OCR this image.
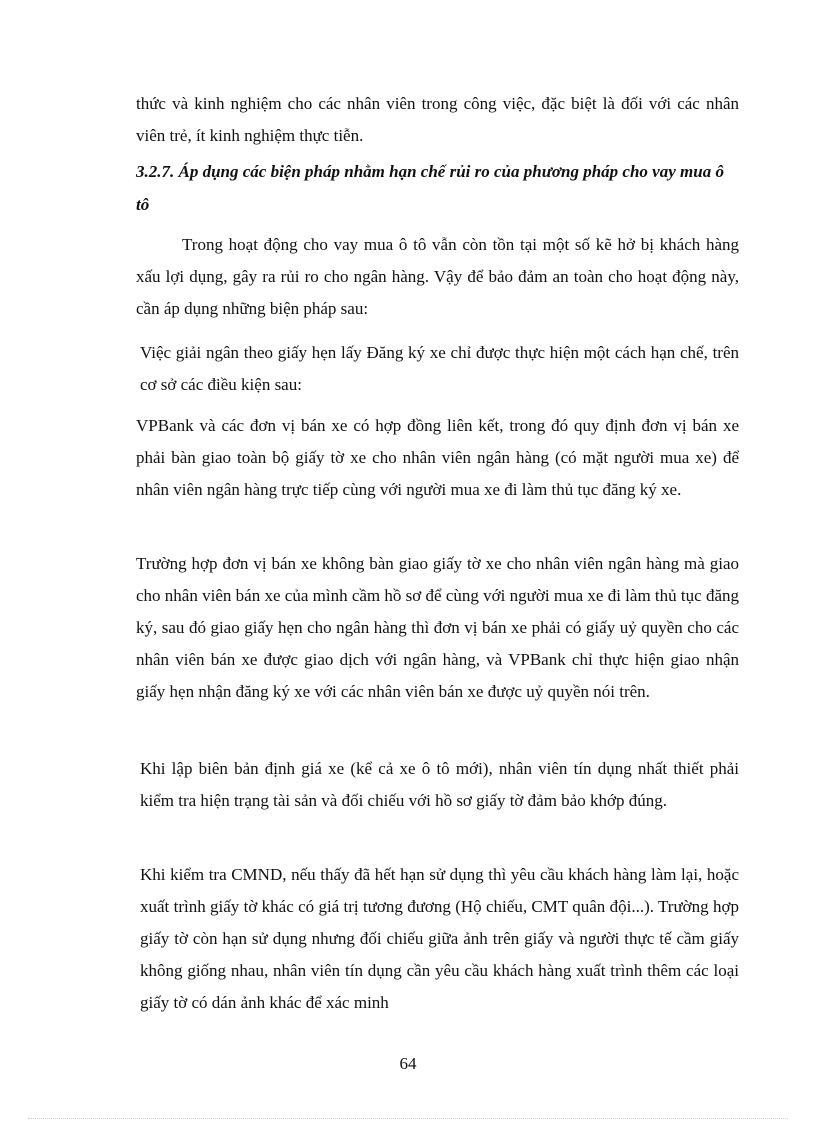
thức và kinh nghiệm cho các nhân viên trong công việc, đặc biệt là đối với các nhân viên trẻ, ít kinh nghiệm thực tiễn.

3.2.7. Áp dụng các biện pháp nhằm hạn chế rủi ro của phương pháp cho vay mua ô tô

Trong hoạt động cho vay mua ô tô vẫn còn tồn tại một số kẽ hở bị khách hàng xấu lợi dụng, gây ra rủi ro cho ngân hàng. Vậy để bảo đảm an toàn cho hoạt động này, cần áp dụng những biện pháp sau:

Việc giải ngân theo giấy hẹn lấy Đăng ký xe chỉ được thực hiện một cách hạn chế, trên cơ sở các điều kiện sau:

VPBank và các đơn vị bán xe có hợp đồng liên kết, trong đó quy định đơn vị bán xe phải bàn giao toàn bộ giấy tờ xe cho nhân viên ngân hàng (có mặt người mua xe) để nhân viên ngân hàng trực tiếp cùng với người mua xe đi làm thủ tục đăng ký xe.

Trường hợp đơn vị bán xe không bàn giao giấy tờ xe cho nhân viên ngân hàng mà giao cho nhân viên bán xe của mình cầm hồ sơ để cùng với người mua xe đi làm thủ tục đăng ký, sau đó giao giấy hẹn cho ngân hàng thì đơn vị bán xe phải có giấy uỷ quyền cho các nhân viên bán xe được giao dịch với ngân hàng, và VPBank chỉ thực hiện giao nhận giấy hẹn nhận đăng ký xe với các nhân viên bán xe được uỷ quyền nói trên.

Khi lập biên bản định giá xe (kể cả xe ô tô mới), nhân viên tín dụng nhất thiết phải kiểm tra hiện trạng tài sản và đối chiếu với hồ sơ giấy tờ đảm bảo khớp đúng.

Khi kiểm tra CMND, nếu thấy đã hết hạn sử dụng thì yêu cầu khách hàng làm lại, hoặc xuất trình giấy tờ khác có giá trị tương đương (Hộ chiếu, CMT quân đội...). Trường hợp giấy tờ còn hạn sử dụng nhưng đối chiếu giữa ảnh trên giấy và người thực tế cầm giấy không giống nhau, nhân viên tín dụng cần yêu cầu khách hàng xuất trình thêm các loại giấy tờ có dán ảnh khác để xác minh

64
